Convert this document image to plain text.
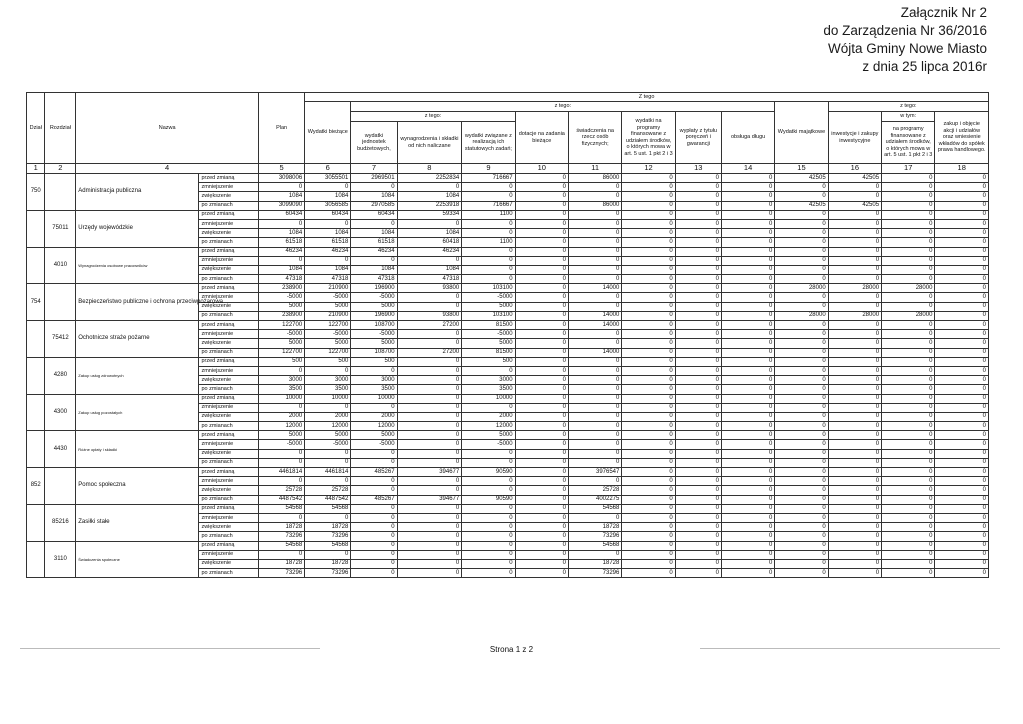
Załącznik Nr 2
do Zarządzenia Nr 36/2016
Wójta Gminy Nowe Miasto
z dnia 25 lipca 2016r
Dział	Rozdział	Nazwa		Plan	Z tego												
					Wydatki bieżące	z tego:								Wydatki majątkowe	z tego:		
						z tego:			dotacje na zadania bieżące	świadczenia na rzecz osób fizycznych;	wydatki na programy finansowane z udziałem środków, o których mowa w art. 5 ust. 1 pkt 2 i 3	wypłaty z tytułu poręczeń i gwarancji	obsługa długu		inwestycje i zakupy inwestycyjne	w tym:	zakup i objęcie akcji i udziałów oraz wniesienie wkładów do spółek prawa handlowego.
						wydatki jednostek budżetowych,	wynagrodzenia i składki od nich naliczane	wydatki związane z realizacją ich statutowych zadań;								na programy finansowane z udziałem środków, o których mowa w art. 5 ust. 1 pkt 2 i 3	
1	2	4		5	6	7	8	9	10	11	12	13	14	15	16	17	18
750		Administracja publiczna	przed zmianą	3098006	3055501	2969501	2252834	716667	0	86000	0	0	0	42505	42505	0	0
			zmniejszenie	0	0	0	0	0	0	0	0	0	0	0	0	0	0
			zwiększenie	1084	1084	1084	1084	0	0	0	0	0	0	0	0	0	0
			po zmianach	3099090	3056585	2970585	2253918	716667	0	86000	0	0	0	42505	42505	0	0
	75011	Urzędy wojewódzkie	przed zmianą	60434	60434	60434	59334	1100	0	0	0	0	0	0	0	0	0
			zmniejszenie	0	0	0	0	0	0	0	0	0	0	0	0	0	0
			zwiększenie	1084	1084	1084	1084	0	0	0	0	0	0	0	0	0	0
			po zmianach	61518	61518	61518	60418	1100	0	0	0	0	0	0	0	0	0
	4010	Wynagrodzenia osobowe pracowników	przed zmianą	46234	46234	46234	46234	0	0	0	0	0	0	0	0	0	0
			zmniejszenie	0	0	0	0	0	0	0	0	0	0	0	0	0	0
			zwiększenie	1084	1084	1084	1084	0	0	0	0	0	0	0	0	0	0
			po zmianach	47318	47318	47318	47318	0	0	0	0	0	0	0	0	0	0
754		Bezpieczeństwo publiczne i ochrona przeciwpożarowa	przed zmianą	238900	210900	196900	93800	103100	0	14000	0	0	0	28000	28000	28000	0
			zmniejszenie	-5000	-5000	-5000	0	-5000	0	0	0	0	0	0	0	0	0
			zwiększenie	5000	5000	5000	0	5000	0	0	0	0	0	0	0	0	0
			po zmianach	238900	210900	196900	93800	103100	0	14000	0	0	0	28000	28000	28000	0
	75412	Ochotnicze straże pożarne	przed zmianą	122700	122700	108700	27200	81500	0	14000	0	0	0	0	0	0	0
			zmniejszenie	-5000	-5000	-5000	0	-5000	0	0	0	0	0	0	0	0	0
			zwiększenie	5000	5000	5000	0	5000	0	0	0	0	0	0	0	0	0
			po zmianach	122700	122700	108700	27200	81500	0	14000	0	0	0	0	0	0	0
	4280	Zakup usług zdrowotnych	przed zmianą	500	500	500	0	500	0	0	0	0	0	0	0	0	0
			zmniejszenie	0	0	0	0	0	0	0	0	0	0	0	0	0	0
			zwiększenie	3000	3000	3000	0	3000	0	0	0	0	0	0	0	0	0
			po zmianach	3500	3500	3500	0	3500	0	0	0	0	0	0	0	0	0
	4300	Zakup usług pozostałych	przed zmianą	10000	10000	10000	0	10000	0	0	0	0	0	0	0	0	0
			zmniejszenie	0	0	0	0	0	0	0	0	0	0	0	0	0	0
			zwiększenie	2000	2000	2000	0	2000	0	0	0	0	0	0	0	0	0
			po zmianach	12000	12000	12000	0	12000	0	0	0	0	0	0	0	0	0
	4430	Różne opłaty i składki	przed zmianą	5000	5000	5000	0	5000	0	0	0	0	0	0	0	0	0
			zmniejszenie	-5000	-5000	-5000	0	-5000	0	0	0	0	0	0	0	0	0
			zwiększenie	0	0	0	0	0	0	0	0	0	0	0	0	0	0
			po zmianach	0	0	0	0	0	0	0	0	0	0	0	0	0	0
852		Pomoc społeczna	przed zmianą	4461814	4461814	485267	394677	90590	0	3976547	0	0	0	0	0	0	0
			zmniejszenie	0	0	0	0	0	0	0	0	0	0	0	0	0	0
			zwiększenie	25728	25728	0	0	0	0	25728	0	0	0	0	0	0	0
			po zmianach	4487542	4487542	485267	394677	90590	0	4002275	0	0	0	0	0	0	0
	85216	Zasiłki stałe	przed zmianą	54568	54568	0	0	0	0	54568	0	0	0	0	0	0	0
			zmniejszenie	0	0	0	0	0	0	0	0	0	0	0	0	0	0
			zwiększenie	18728	18728	0	0	0	0	18728	0	0	0	0	0	0	0
			po zmianach	73296	73296	0	0	0	0	73296	0	0	0	0	0	0	0
	3110	Świadczenia społeczne	przed zmianą	54568	54568	0	0	0	0	54568	0	0	0	0	0	0	0
			zmniejszenie	0	0	0	0	0	0	0	0	0	0	0	0	0	0
			zwiększenie	18728	18728	0	0	0	0	18728	0	0	0	0	0	0	0
			po zmianach	73296	73296	0	0	0	0	73296	0	0	0	0	0	0	0
Strona 1 z 2
